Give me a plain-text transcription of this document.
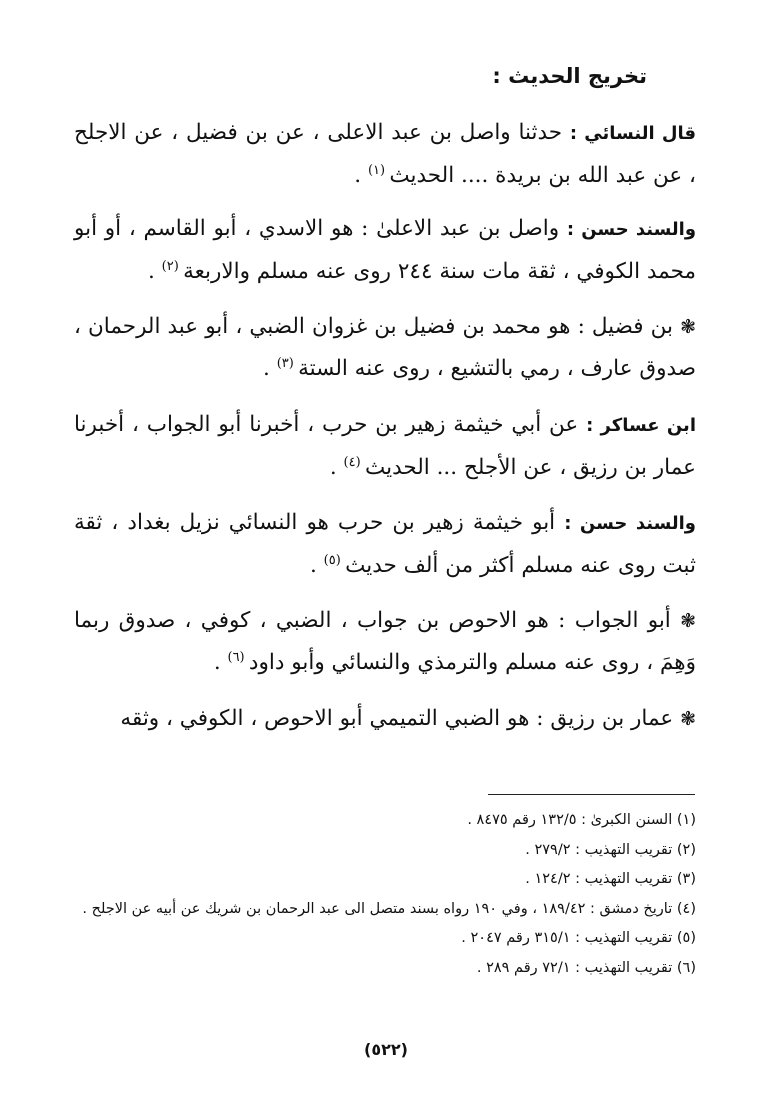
تخريج الحديث :
قال النسائي : حدثنا واصل بن عبد الاعلى ، عن بن فضيل ، عن الاجلح ، عن عبد الله بن بريدة .... الحديث $^{(١)}$ .
والسند حسن : واصل بن عبد الاعلىٰ : هو الاسدي ، أبو القاسم ، أو أبو محمد الكوفي ، ثقة مات سنة ٢٤٤ روى عنه مسلم والاربعة $^{(٢)}$ .
❃ بن فضيل : هو محمد بن فضيل بن غزوان الضبي ، أبو عبد الرحمان ، صدوق عارف ، رمي بالتشيع ، روى عنه الستة $^{(٣)}$ .
ابن عساكر : عن أبي خيثمة زهير بن حرب ، أخبرنا أبو الجواب ، أخبرنا عمار بن رزيق ، عن الأجلح ... الحديث $^{(٤)}$ .
والسند حسن : أبو خيثمة زهير بن حرب هو النسائي نزيل بغداد ، ثقة ثبت روى عنه مسلم أكثر من ألف حديث $^{(٥)}$ .
❃ أبو الجواب : هو الاحوص بن جواب ، الضبي ، كوفي ، صدوق ربما وَهِمَ ، روى عنه مسلم والترمذي والنسائي وأبو داود $^{(٦)}$ .
❃ عمار بن رزيق : هو الضبي التميمي أبو الاحوص ، الكوفي ، وثقه
(١) السنن الكبرىٰ : ١٣٢/٥ رقم ٨٤٧٥ .
(٢) تقريب التهذيب : ٢٧٩/٢ .
(٣) تقريب التهذيب : ١٢٤/٢ .
(٤) تاريخ دمشق : ١٨٩/٤٢ ، وفي ١٩٠ رواه بسند متصل الى عبد الرحمان بن شريك عن أبيه عن الاجلح .
(٥) تقريب التهذيب : ٣١٥/١ رقم ٢٠٤٧ .
(٦) تقريب التهذيب : ٧٢/١ رقم ٢٨٩ .
(٥٢٢)
